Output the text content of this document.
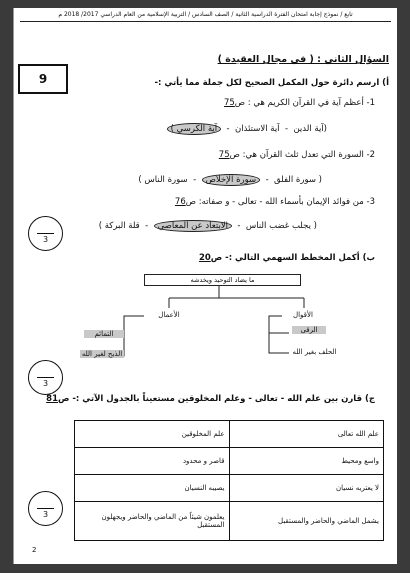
تابع / نموذج إجابة امتحان الفترة الدراسية الثانية / الصف السادس / التربية الإسلامية من العام الدراسي 2017/ 2018 م
السؤال الثاني : ( في مجال العقيدة )
9	أ) ارسم دائرة حول المكمل الصحيح لكل جملة مما يأتي :-
1- أعظم آية في القرآن الكريم هي : ص75
(آية الدين  -  آية الاستئذان  -  آية الكرسي )
2- السورة التي تعدل ثلث القرآن هي: ص75
( سورة الفلق  -  سورة الإخلاص  -  سورة الناس )
3- من فوائد الإيمان بأسماء الله - تعالى - و صفاته: ص76
( يجلب غضب الناس  -  الابتعاد عن المعاصي  -  قلة البركة )
3
ب) أكمل المخطط السهمي التالي :- ص20
ما يضاد التوحيد ويخدشه
الأعمال	الأقوال
التمائم
الذبح لغير الله
الرقى
الحلف بغير الله
3
ج) قارن بين علم الله - تعالى - وعلم المخلوقين مستعيناً بالجدول الآتي :- ص81
علم الله تعالى	علم المخلوقين
واسع ومحيط	قاصر و محدود
لا يعتريه نسيان	يصيبه النسيان
يشمل الماضي والحاضر والمستقبل	يعلمون شيئاً من الماضي والحاضر ويجهلون المستقبل
3
2
